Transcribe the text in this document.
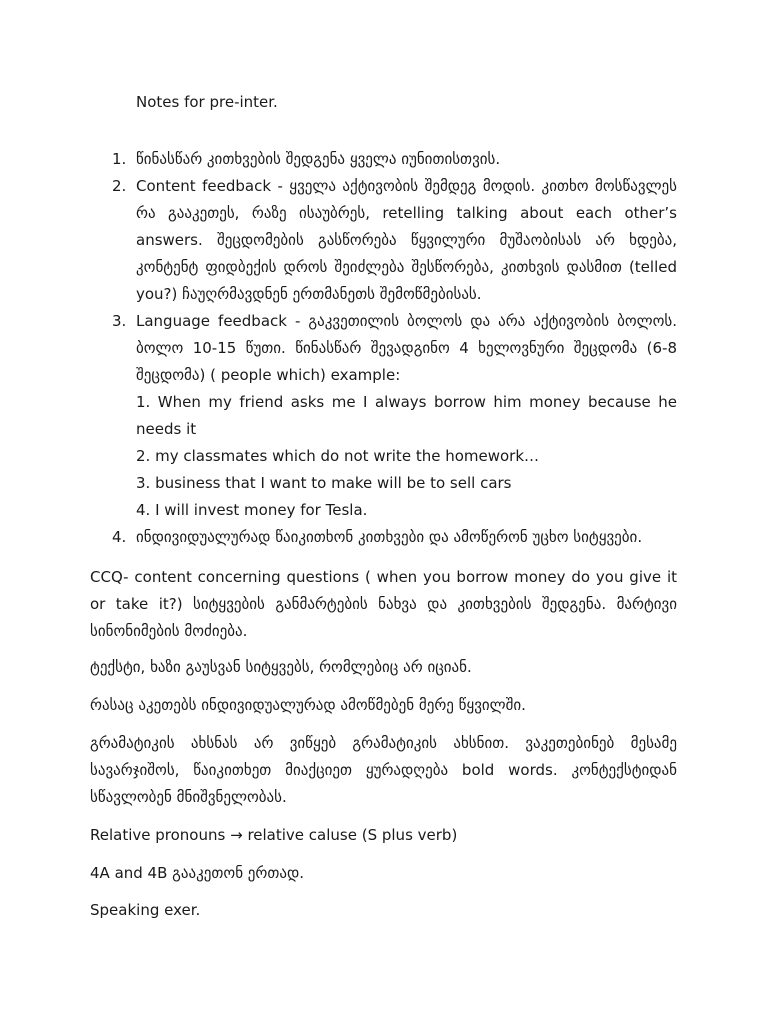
Notes for pre-inter.
1. წინასწარ კითხვების შედგენა ყველა იუნითისთვის.
2. Content feedback - ყველა აქტივობის შემდეგ მოდის. კითხო მოსწავლეს რა გააკეთეს, რაზე ისაუბრეს, retelling talking about each other’s answers. შეცდომების გასწორება წყვილური მუშაობისას არ ხდება, კონტენტ ფიდბექის დროს შეიძლება შესწორება, კითხვის დასმით (telled you?) ჩაუღრმავდნენ ერთმანეთს შემოწმებისას.
3. Language feedback - გაკვეთილის ბოლოს და არა აქტივობის ბოლოს. ბოლო 10-15 წუთი. წინასწარ შევადგინო 4 ხელოვნური შეცდომა (6-8 შეცდომა) ( people which) example:

1. When my friend asks me I always borrow him money because he needs it

2. my classmates which do not write the homework…

3. business that I want to make will be to sell cars

4. I will invest money for Tesla.

4. ინდივიდუალურად წაიკითხონ კითხვები და ამოწერონ უცხო სიტყვები.
CCQ- content concerning questions ( when you borrow money do you give it or take it?) სიტყვების განმარტების ნახვა და კითხვების შედგენა. მარტივი სინონიმების მოძიება.
ტექსტი, ხაზი გაუსვან სიტყვებს, რომლებიც არ იციან.
რასაც აკეთებს ინდივიდუალურად ამოწმებენ მერე წყვილში.
გრამატიკის ახსნას არ ვიწყებ გრამატიკის ახსნით. ვაკეთებინებ მესამე სავარჯიშოს, წაიკითხეთ მიაქციეთ ყურადღება bold words. კონტექსტიდან სწავლობენ მნიშვნელობას.
Relative pronouns → relative caluse (S plus verb)
4A and 4B გააკეთონ ერთად.
Speaking exer.
